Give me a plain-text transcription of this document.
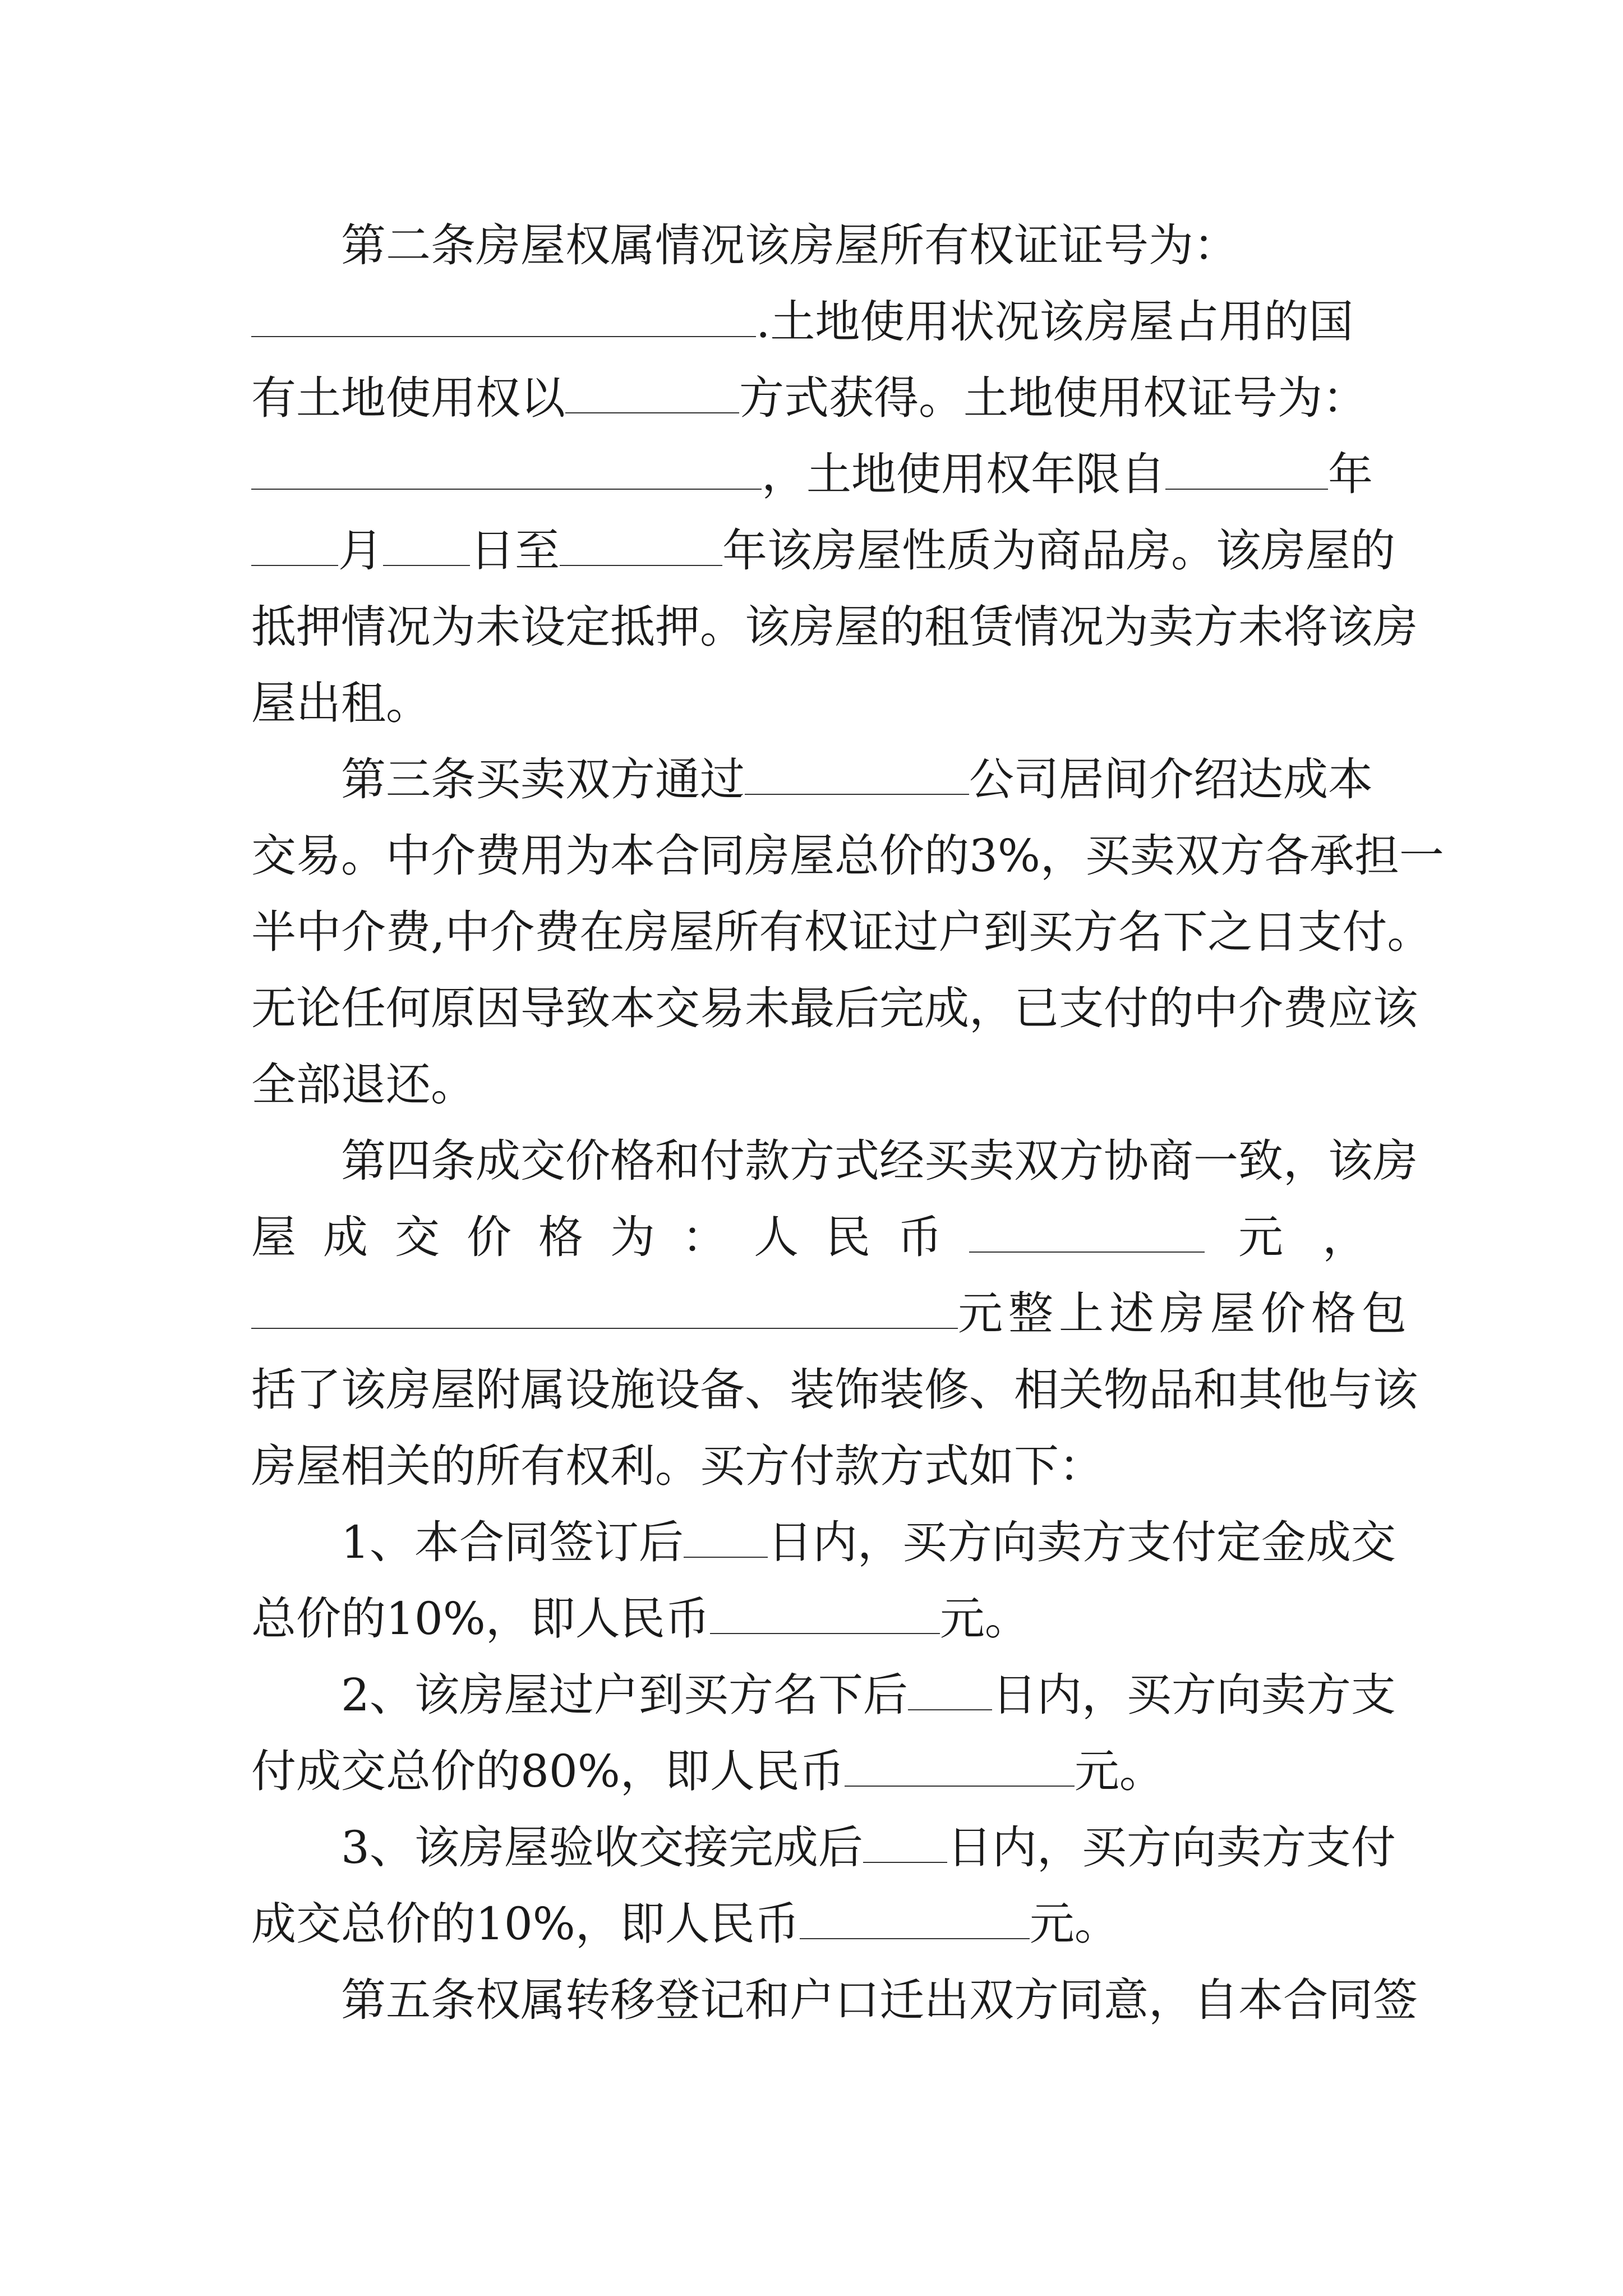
第二条房屋权属情况该房屋所有权证证号为：
.土地使用状况该房屋占用的国
有土地使用权以	方式获得。土地使用权证号为：
，土地使用权年限自	年
月 日至	年该房屋性质为商品房。该房屋的
抵押情况为未设定抵押。该房屋的租赁情况为卖方未将该房
屋出租。
第三条买卖双方通过	公司居间介绍达成本
交易。中介费用为本合同房屋总价的3%，买卖双方各承担一
半中介费,中介费在房屋所有权证过户到买方名下之日支付。
无论任何原因导致本交易未最后完成，已支付的中介费应该
全部退还。
第四条成交价格和付款方式经买卖双方协商一致，该房
屋成交价格为：人民币	元，
元整上述房屋价格包
括了该房屋附属设施设备、装饰装修、相关物品和其他与该
房屋相关的所有权利。买方付款方式如下：
1、本合同签订后 日内，买方向卖方支付定金成交
总价的10%，即人民币	元。
2、该房屋过户到买方名下后 日内，买方向卖方支
付成交总价的80%，即人民币	元。
3、该房屋验收交接完成后 日内，买方向卖方支付
成交总价的10%，即人民币	元。
第五条权属转移登记和户口迁出双方同意，自本合同签
